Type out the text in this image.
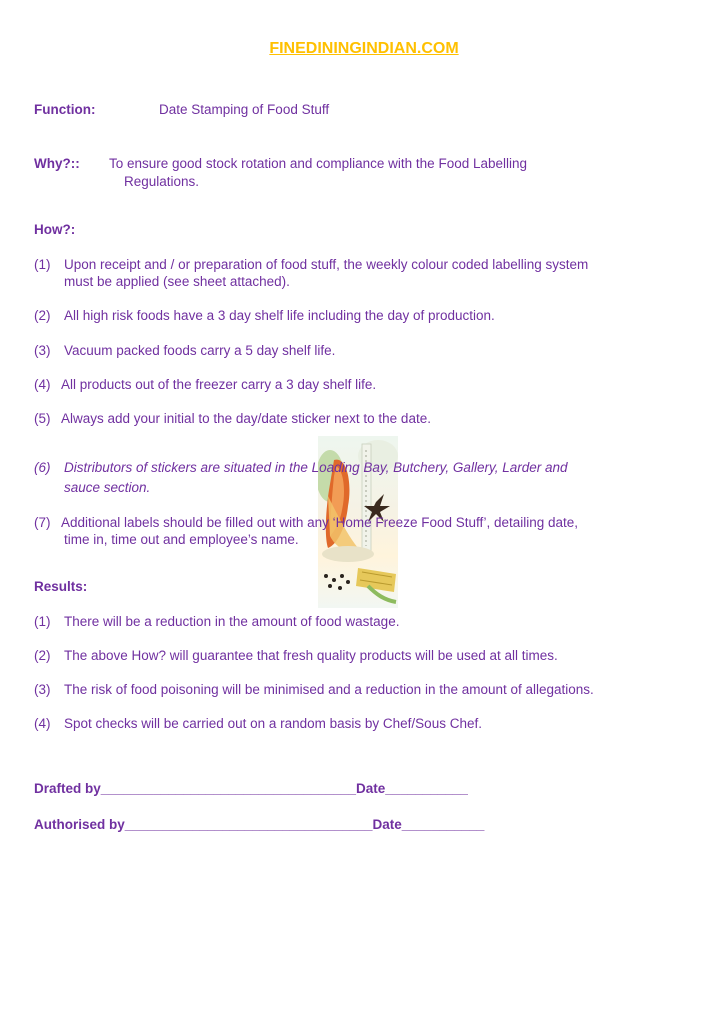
FINEDININGINDIAN.COM
Function:	Date Stamping of Food Stuff
Why?:: To ensure good stock rotation and compliance with the Food Labelling
Regulations.
How?:
(1) Upon receipt and / or preparation of food stuff, the weekly colour coded labelling system
must be applied (see sheet attached).
(2) All high risk foods have a 3 day shelf life including the day of production.
(3) Vacuum packed foods carry a 5 day shelf life.
(4) All products out of the freezer carry a 3 day shelf life.
(5) Always add your initial to the day/date sticker next to the date.
(6) Distributors of stickers are situated in the Loading Bay, Butchery, Gallery, Larder and
sauce section.
(7) Additional labels should be filled out with any ‘Home Freeze Food Stuff’, detailing date,
time in, time out and employee’s name.
Results:
(1) There will be a reduction in the amount of food wastage.
(2) The above How? will guarantee that fresh quality products will be used at all times.
(3) The risk of food poisoning will be minimised and a reduction in the amount of allegations.
(4) Spot checks will be carried out on a random basis by Chef/Sous Chef.
Drafted by__________________________________Date___________
Authorised by_________________________________Date___________
